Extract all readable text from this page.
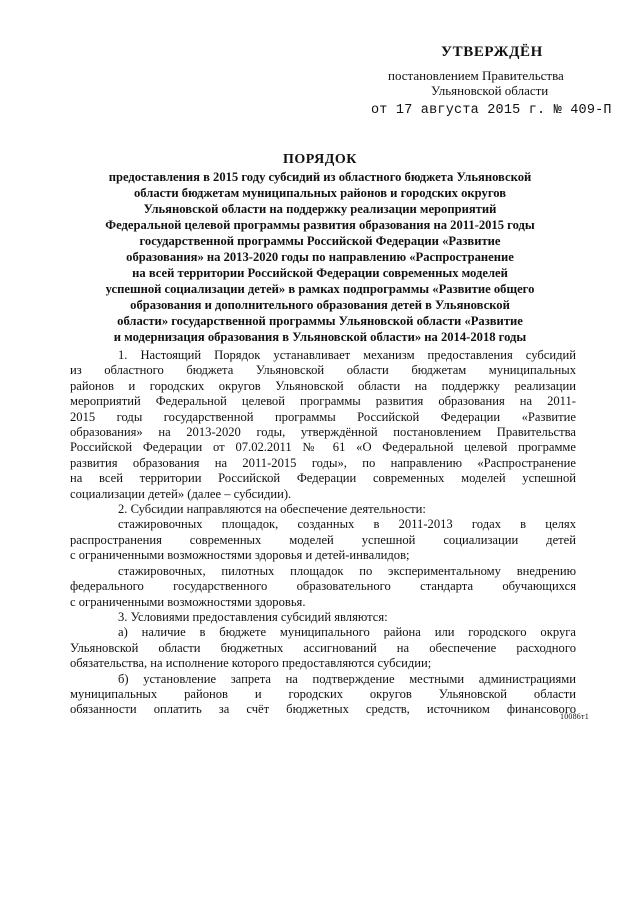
УТВЕРЖДЁН
постановлением Правительства
Ульяновской области
от 17 августа 2015 г. № 409-П
ПОРЯДОК
предоставления в 2015 году субсидий из областного бюджета Ульяновской
области бюджетам муниципальных районов и городских округов
Ульяновской области на поддержку реализации мероприятий
Федеральной целевой программы развития образования на 2011-2015 годы
государственной программы Российской Федерации «Развитие
образования» на 2013-2020 годы по направлению «Распространение
на всей территории Российской Федерации современных моделей
успешной социализации детей» в рамках подпрограммы «Развитие общего
образования и дополнительного образования детей в Ульяновской
области» государственной программы Ульяновской области «Развитие
и модернизация образования в Ульяновской области» на 2014-2018 годы
1. Настоящий Порядок устанавливает механизм предоставления субсидий
из областного бюджета Ульяновской области бюджетам муниципальных
районов и городских округов Ульяновской области на поддержку реализации
мероприятий Федеральной целевой программы развития образования на 2011-
2015 годы государственной программы Российской Федерации «Развитие
образования» на 2013-2020 годы, утверждённой постановлением Правительства
Российской Федерации от 07.02.2011 № 61 «О Федеральной целевой программе
развития образования на 2011-2015 годы», по направлению «Распространение
на всей территории Российской Федерации современных моделей успешной
социализации детей» (далее – субсидии).
2. Субсидии направляются на обеспечение деятельности:
стажировочных площадок, созданных в 2011-2013 годах в целях
распространения современных моделей успешной социализации детей
с ограниченными возможностями здоровья и детей-инвалидов;
стажировочных, пилотных площадок по экспериментальному внедрению
федерального государственного образовательного стандарта обучающихся
с ограниченными возможностями здоровья.
3. Условиями предоставления субсидий являются:
а) наличие в бюджете муниципального района или городского округа
Ульяновской области бюджетных ассигнований на обеспечение расходного
обязательства, на исполнение которого предоставляются субсидии;
б) установление запрета на подтверждение местными администрациями
муниципальных районов и городских округов Ульяновской области
обязанности оплатить за счёт бюджетных средств, источником финансового
10086т1
